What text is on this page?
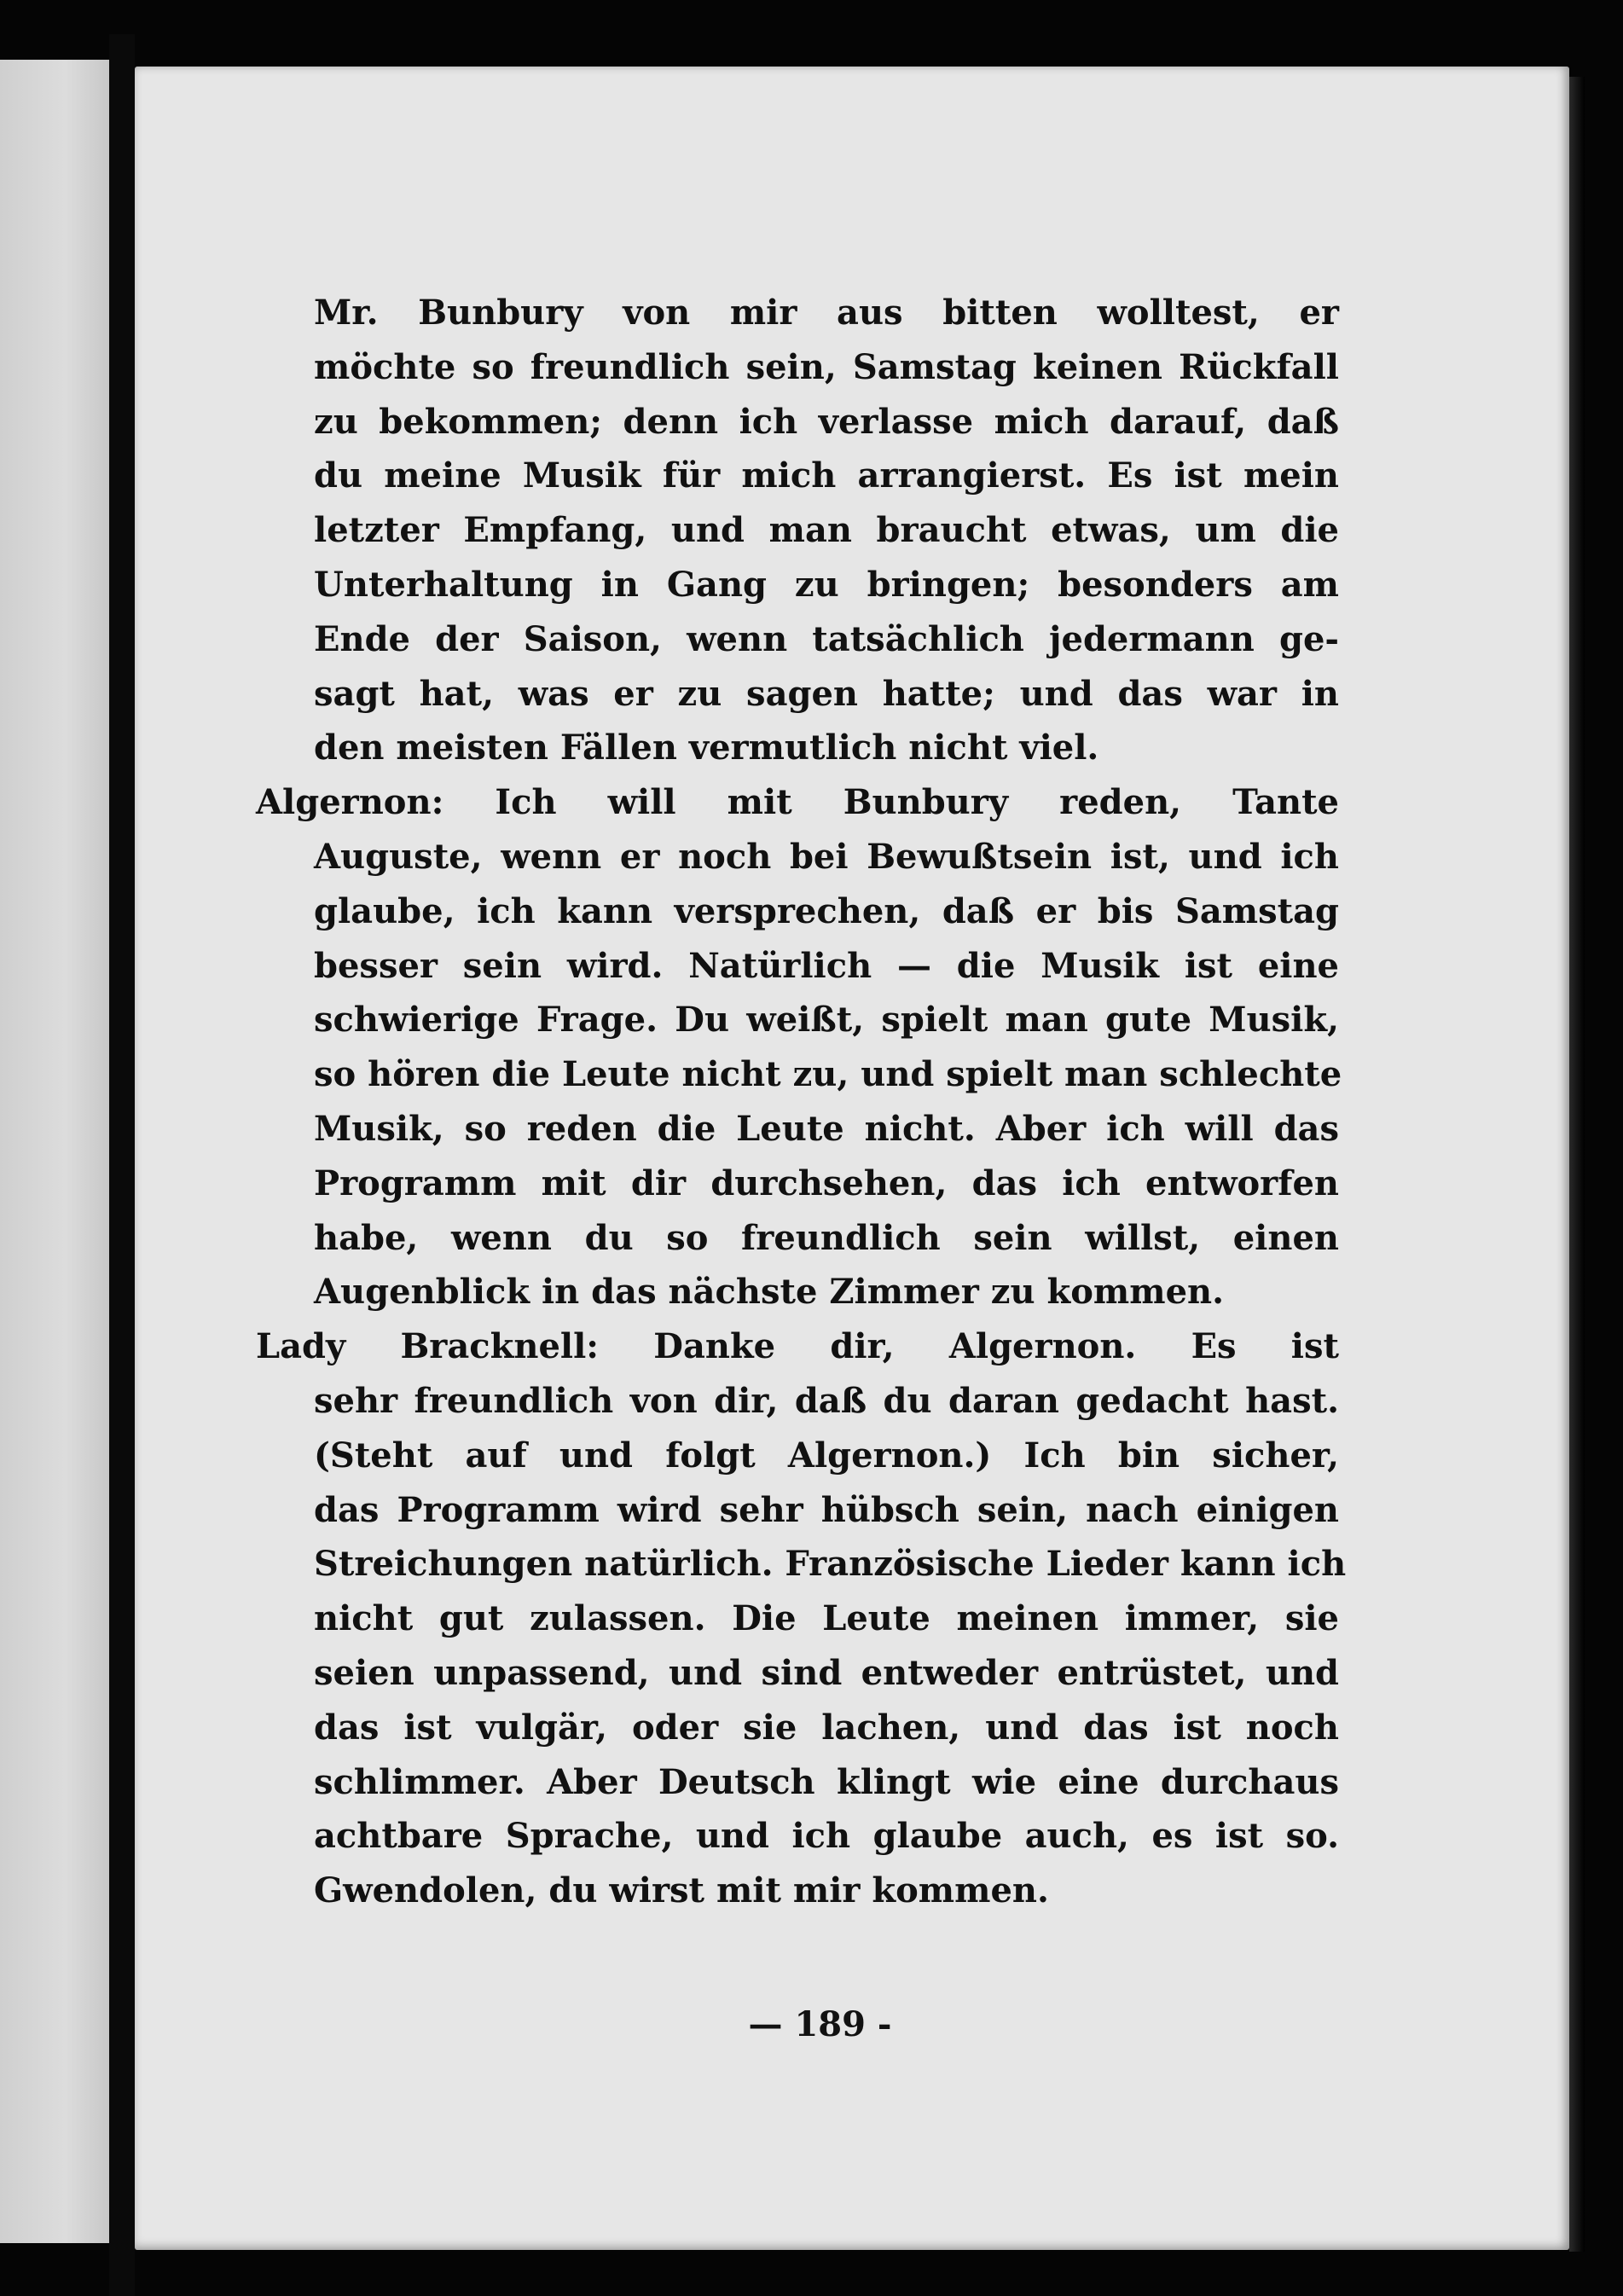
Mr. Bunbury von mir aus bitten wolltest, er
möchte so freundlich sein, Samstag keinen Rückfall
zu bekommen; denn ich verlasse mich darauf, daß
du meine Musik für mich arrangierst. Es ist mein
letzter Empfang, und man braucht etwas, um die
Unterhaltung in Gang zu bringen; besonders am
Ende der Saison, wenn tatsächlich jedermann ge-
sagt hat, was er zu sagen hatte; und das war in
den meisten Fällen vermutlich nicht viel.
Algernon: Ich will mit Bunbury reden, Tante
Auguste, wenn er noch bei Bewußtsein ist, und ich
glaube, ich kann versprechen, daß er bis Samstag
besser sein wird. Natürlich — die Musik ist eine
schwierige Frage. Du weißt, spielt man gute Musik,
so hören die Leute nicht zu, und spielt man schlechte
Musik, so reden die Leute nicht. Aber ich will das
Programm mit dir durchsehen, das ich entworfen
habe, wenn du so freundlich sein willst, einen
Augenblick in das nächste Zimmer zu kommen.
Lady Bracknell: Danke dir, Algernon. Es ist
sehr freundlich von dir, daß du daran gedacht hast.
(Steht auf und folgt Algernon.) Ich bin sicher,
das Programm wird sehr hübsch sein, nach einigen
Streichungen natürlich. Französische Lieder kann ich
nicht gut zulassen. Die Leute meinen immer, sie
seien unpassend, und sind entweder entrüstet, und
das ist vulgär, oder sie lachen, und das ist noch
schlimmer. Aber Deutsch klingt wie eine durchaus
achtbare Sprache, und ich glaube auch, es ist so.
Gwendolen, du wirst mit mir kommen.
— 189 -
